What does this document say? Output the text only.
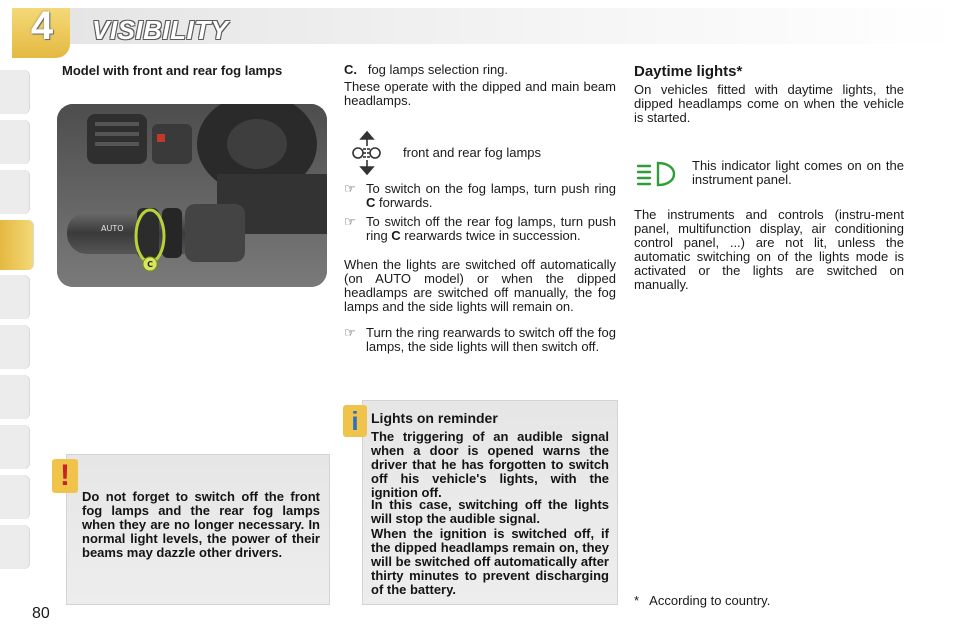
4	VISIBILITY
Model with front and rear fog lamps
AUTO
C
!
Do not forget to switch off the front fog lamps and the rear fog lamps when they are no longer necessary. In normal light levels, the power of their beams may dazzle other drivers.
C. fog lamps selection ring.
These operate with the dipped and main beam headlamps.
front and rear fog lamps
☞ To switch on the fog lamps, turn push ring C forwards.
☞ To switch off the rear fog lamps, turn push ring C rearwards twice in succession.
When the lights are switched off automatically (on AUTO model) or when the dipped headlamps are switched off manually, the fog lamps and the side lights will remain on.
☞ Turn the ring rearwards to switch off the fog lamps, the side lights will then switch off.
i Lights on reminder
The triggering of an audible signal when a door is opened warns the driver that he has forgotten to switch off his vehicle's lights, with the ignition off.
In this case, switching off the lights will stop the audible signal.
When the ignition is switched off, if the dipped headlamps remain on, they will be switched off automatically after thirty minutes to prevent discharging of the battery.
Daytime lights*
On vehicles fitted with daytime lights, the dipped headlamps come on when the vehicle is started.
This indicator light comes on on the instrument panel.
The instruments and controls (instru-ment panel, multifunction display, air conditioning control panel, ...) are not lit, unless the automatic switching on of the lights mode is activated or the lights are switched on manually.
*   According to country.
80
